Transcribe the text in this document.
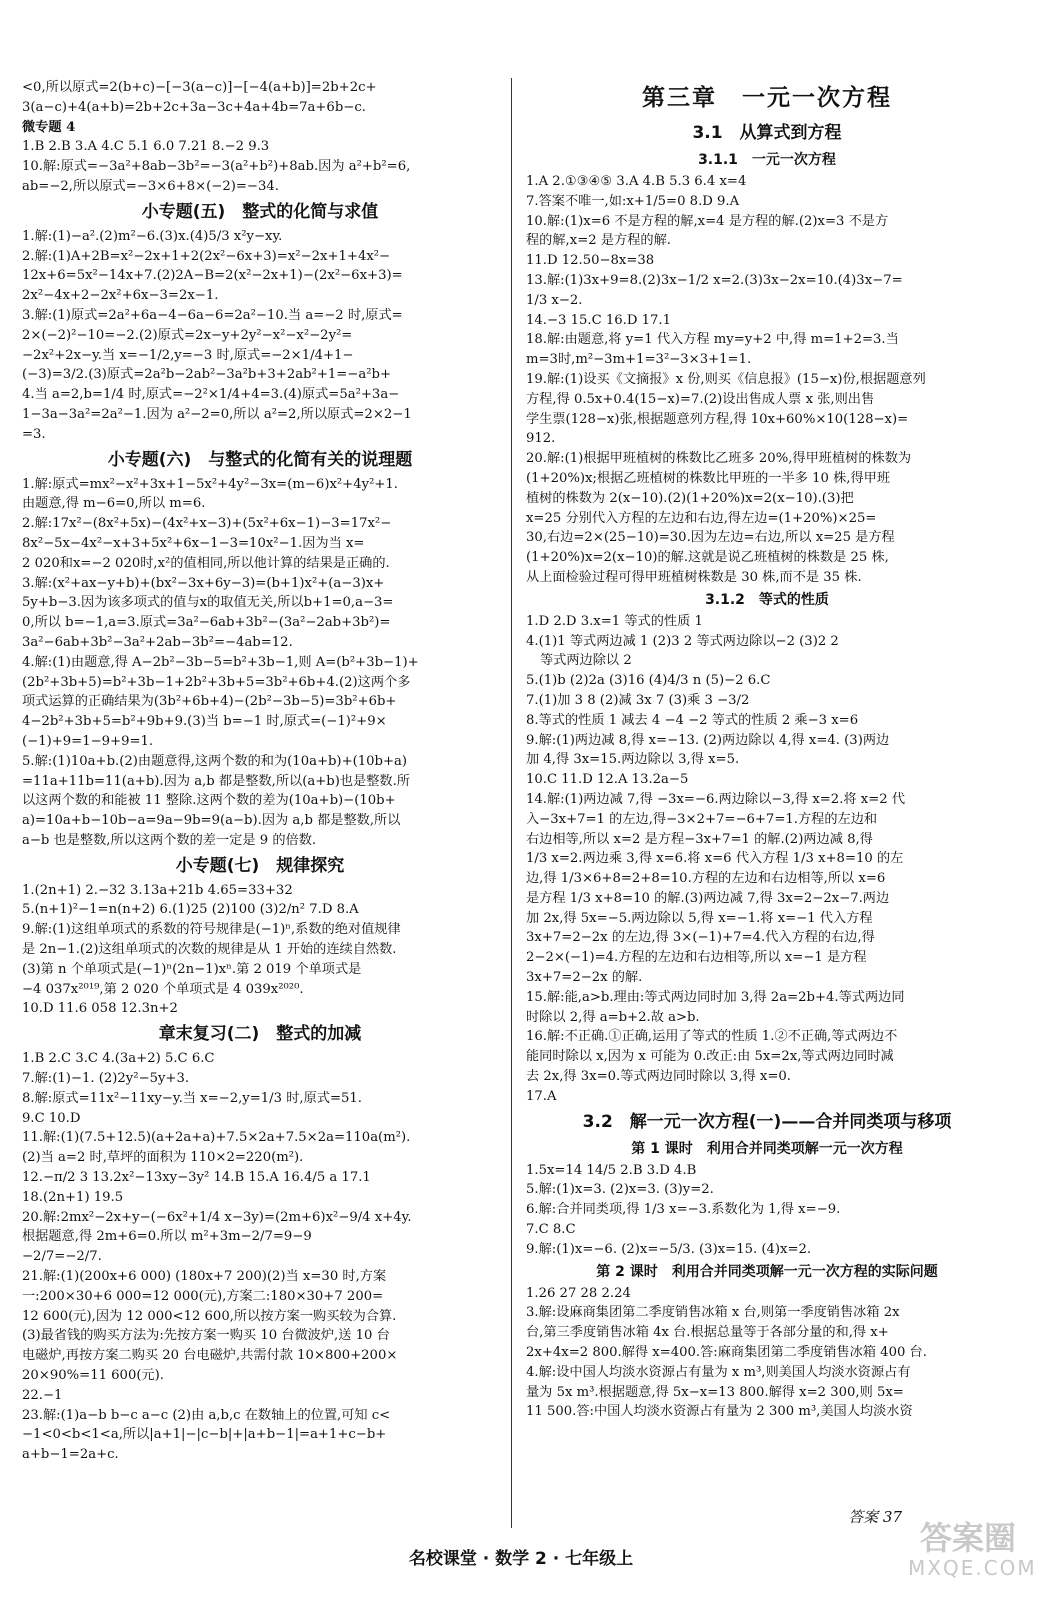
<0,所以原式=2(b+c)−[−3(a−c)]−[−4(a+b)]=2b+2c+
3(a−c)+4(a+b)=2b+2c+3a−3c+4a+4b=7a+6b−c.
微专题 4
1.B 2.B 3.A 4.C 5.1 6.0 7.21 8.−2 9.3
10.解:原式=−3a²+8ab−3b²=−3(a²+b²)+8ab.因为 a²+b²=6,
ab=−2,所以原式=−3×6+8×(−2)=−34.
小专题(五)　整式的化简与求值
1.解:(1)−a².(2)m²−6.(3)x.(4)5/3 x²y−xy.
2.解:(1)A+2B=x²−2x+1+2(2x²−6x+3)=x²−2x+1+4x²−
12x+6=5x²−14x+7.(2)2A−B=2(x²−2x+1)−(2x²−6x+3)=
2x²−4x+2−2x²+6x−3=2x−1.
3.解:(1)原式=2a²+6a−4−6a−6=2a²−10.当 a=−2 时,原式=
2×(−2)²−10=−2.(2)原式=2x−y+2y²−x²−x²−2y²=
−2x²+2x−y.当 x=−1/2,y=−3 时,原式=−2×1/4+1−
(−3)=3/2.(3)原式=2a²b−2ab²−3a²b+3+2ab²+1=−a²b+
4.当 a=2,b=1/4 时,原式=−2²×1/4+4=3.(4)原式=5a²+3a−
1−3a−3a²=2a²−1.因为 a²−2=0,所以 a²=2,所以原式=2×2−1
=3.
小专题(六)　与整式的化简有关的说理题
1.解:原式=mx²−x²+3x+1−5x²+4y²−3x=(m−6)x²+4y²+1.
由题意,得 m−6=0,所以 m=6.
2.解:17x²−(8x²+5x)−(4x²+x−3)+(5x²+6x−1)−3=17x²−
8x²−5x−4x²−x+3+5x²+6x−1−3=10x²−1.因为当 x=
2 020和x=−2 020时,x²的值相同,所以他计算的结果是正确的.
3.解:(x²+ax−y+b)+(bx²−3x+6y−3)=(b+1)x²+(a−3)x+
5y+b−3.因为该多项式的值与x的取值无关,所以b+1=0,a−3=
0,所以 b=−1,a=3.原式=3a²−6ab+3b²−(3a²−2ab+3b²)=
3a²−6ab+3b²−3a²+2ab−3b²=−4ab=12.
4.解:(1)由题意,得 A−2b²−3b−5=b²+3b−1,则 A=(b²+3b−1)+
(2b²+3b+5)=b²+3b−1+2b²+3b+5=3b²+6b+4.(2)这两个多
项式运算的正确结果为(3b²+6b+4)−(2b²−3b−5)=3b²+6b+
4−2b²+3b+5=b²+9b+9.(3)当 b=−1 时,原式=(−1)²+9×
(−1)+9=1−9+9=1.
5.解:(1)10a+b.(2)由题意得,这两个数的和为(10a+b)+(10b+a)
=11a+11b=11(a+b).因为 a,b 都是整数,所以(a+b)也是整数.所
以这两个数的和能被 11 整除.这两个数的差为(10a+b)−(10b+
a)=10a+b−10b−a=9a−9b=9(a−b).因为 a,b 都是整数,所以
a−b 也是整数,所以这两个数的差一定是 9 的倍数.
小专题(七)　规律探究
1.(2n+1) 2.−32 3.13a+21b 4.65=33+32
5.(n+1)²−1=n(n+2) 6.(1)25 (2)100 (3)2/n² 7.D 8.A
9.解:(1)这组单项式的系数的符号规律是(−1)ⁿ,系数的绝对值规律
是 2n−1.(2)这组单项式的次数的规律是从 1 开始的连续自然数.
(3)第 n 个单项式是(−1)ⁿ(2n−1)xⁿ.第 2 019 个单项式是
−4 037x²⁰¹⁹,第 2 020 个单项式是 4 039x²⁰²⁰.
10.D 11.6 058 12.3n+2
章末复习(二)　整式的加减
1.B 2.C 3.C 4.(3a+2) 5.C 6.C
7.解:(1)−1. (2)2y²−5y+3.
8.解:原式=11x²−11xy−y.当 x=−2,y=1/3 时,原式=51.
9.C 10.D
11.解:(1)(7.5+12.5)(a+2a+a)+7.5×2a+7.5×2a=110a(m²).
(2)当 a=2 时,草坪的面积为 110×2=220(m²).
12.−π/2 3 13.2x²−13xy−3y² 14.B 15.A 16.4/5 a 17.1
18.(2n+1) 19.5
20.解:2mx²−2x+y−(−6x²+1/4 x−3y)=(2m+6)x²−9/4 x+4y.
根据题意,得 2m+6=0.所以 m²+3m−2/7=9−9
−2/7=−2/7.
21.解:(1)(200x+6 000) (180x+7 200)(2)当 x=30 时,方案
一:200×30+6 000=12 000(元),方案二:180×30+7 200=
12 600(元),因为 12 000<12 600,所以按方案一购买较为合算.
(3)最省钱的购买方法为:先按方案一购买 10 台微波炉,送 10 台
电磁炉,再按方案二购买 20 台电磁炉,共需付款 10×800+200×
20×90%=11 600(元).
22.−1
23.解:(1)a−b b−c a−c (2)由 a,b,c 在数轴上的位置,可知 c<
−1<0<b<1<a,所以|a+1|−|c−b|+|a+b−1|=a+1+c−b+
a+b−1=2a+c.
第三章　一元一次方程
3.1　从算式到方程
3.1.1　一元一次方程
1.A 2.①③④⑤ 3.A 4.B 5.3 6.4 x=4
7.答案不唯一,如:x+1/5=0 8.D 9.A
10.解:(1)x=6 不是方程的解,x=4 是方程的解.(2)x=3 不是方
程的解,x=2 是方程的解.
11.D 12.50−8x=38
13.解:(1)3x+9=8.(2)3x−1/2 x=2.(3)3x−2x=10.(4)3x−7=
1/3 x−2.
14.−3 15.C 16.D 17.1
18.解:由题意,将 y=1 代入方程 my=y+2 中,得 m=1+2=3.当
m=3时,m²−3m+1=3²−3×3+1=1.
19.解:(1)设买《文摘报》x 份,则买《信息报》(15−x)份,根据题意列
方程,得 0.5x+0.4(15−x)=7.(2)设出售成人票 x 张,则出售
学生票(128−x)张,根据题意列方程,得 10x+60%×10(128−x)=
912.
20.解:(1)根据甲班植树的株数比乙班多 20%,得甲班植树的株数为
(1+20%)x;根据乙班植树的株数比甲班的一半多 10 株,得甲班
植树的株数为 2(x−10).(2)(1+20%)x=2(x−10).(3)把
x=25 分别代入方程的左边和右边,得左边=(1+20%)×25=
30,右边=2×(25−10)=30.因为左边=右边,所以 x=25 是方程
(1+20%)x=2(x−10)的解.这就是说乙班植树的株数是 25 株,
从上面检验过程可得甲班植树株数是 30 株,而不是 35 株.
3.1.2　等式的性质
1.D 2.D 3.x=1 等式的性质 1
4.(1)1 等式两边减 1 (2)3 2 等式两边除以−2 (3)2 2
等式两边除以 2
5.(1)b (2)2a (3)16 (4)4/3 n (5)−2 6.C
7.(1)加 3 8 (2)减 3x 7 (3)乘 3 −3/2
8.等式的性质 1 减去 4 −4 −2 等式的性质 2 乘−3 x=6
9.解:(1)两边减 8,得 x=−13. (2)两边除以 4,得 x=4. (3)两边
加 4,得 3x=15.两边除以 3,得 x=5.
10.C 11.D 12.A 13.2a−5
14.解:(1)两边减 7,得 −3x=−6.两边除以−3,得 x=2.将 x=2 代
入−3x+7=1 的左边,得−3×2+7=−6+7=1.方程的左边和
右边相等,所以 x=2 是方程−3x+7=1 的解.(2)两边减 8,得
1/3 x=2.两边乘 3,得 x=6.将 x=6 代入方程 1/3 x+8=10 的左
边,得 1/3×6+8=2+8=10.方程的左边和右边相等,所以 x=6
是方程 1/3 x+8=10 的解.(3)两边减 7,得 3x=2−2x−7.两边
加 2x,得 5x=−5.两边除以 5,得 x=−1.将 x=−1 代入方程
3x+7=2−2x 的左边,得 3×(−1)+7=4.代入方程的右边,得
2−2×(−1)=4.方程的左边和右边相等,所以 x=−1 是方程
3x+7=2−2x 的解.
15.解:能,a>b.理由:等式两边同时加 3,得 2a=2b+4.等式两边同
时除以 2,得 a=b+2.故 a>b.
16.解:不正确.①正确,运用了等式的性质 1.②不正确,等式两边不
能同时除以 x,因为 x 可能为 0.改正:由 5x=2x,等式两边同时减
去 2x,得 3x=0.等式两边同时除以 3,得 x=0.
17.A
3.2　解一元一次方程(一)——合并同类项与移项
第 1 课时　利用合并同类项解一元一次方程
1.5x=14 14/5 2.B 3.D 4.B
5.解:(1)x=3. (2)x=3. (3)y=2.
6.解:合并同类项,得 1/3 x=−3.系数化为 1,得 x=−9.
7.C 8.C
9.解:(1)x=−6. (2)x=−5/3. (3)x=15. (4)x=2.
第 2 课时　利用合并同类项解一元一次方程的实际问题
1.26 27 28 2.24
3.解:设麻商集团第二季度销售冰箱 x 台,则第一季度销售冰箱 2x
台,第三季度销售冰箱 4x 台.根据总量等于各部分量的和,得 x+
2x+4x=2 800.解得 x=400.答:麻商集团第二季度销售冰箱 400 台.
4.解:设中国人均淡水资源占有量为 x m³,则美国人均淡水资源占有
量为 5x m³.根据题意,得 5x−x=13 800.解得 x=2 300,则 5x=
11 500.答:中国人均淡水资源占有量为 2 300 m³,美国人均淡水资
答案 37
名校课堂 · 数学 2 · 七年级上
答案圈
MXQE.COM
